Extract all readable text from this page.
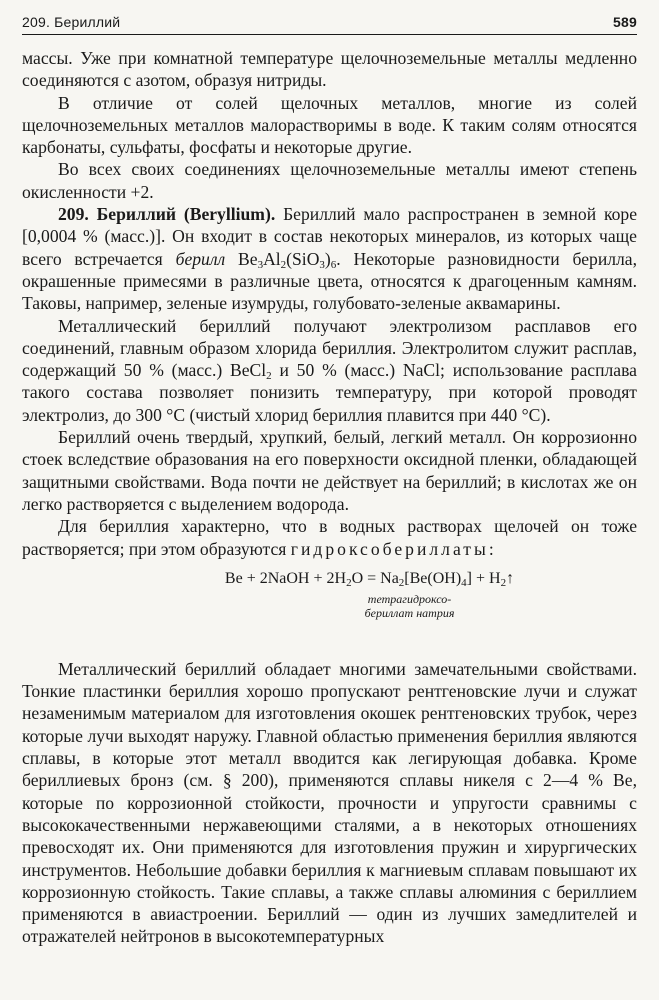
209. Бериллий	589

массы. Уже при комнатной температуре щелочноземельные металлы медленно соединяются с азотом, образуя нитриды.

В отличие от солей щелочных металлов, многие из солей щелочноземельных металлов малорастворимы в воде. К таким солям относятся карбонаты, сульфаты, фосфаты и некоторые другие.

Во всех своих соединениях щелочноземельные металлы имеют степень окисленности +2.

209. Бериллий (Beryllium). Бериллий мало распространен в земной коре [0,0004 % (масс.)]. Он входит в состав некоторых минералов, из которых чаще всего встречается берилл $Be_3Al_2(SiO_3)_6$. Некоторые разновидности берилла, окрашенные примесями в различные цвета, относятся к драгоценным камням. Таковы, например, зеленые изумруды, голубовато-зеленые аквамарины.

Металлический бериллий получают электролизом расплавов его соединений, главным образом хлорида бериллия. Электролитом служит расплав, содержащий 50 % (масс.) BeCl$_2$ и 50 % (масс.) NaCl; использование расплава такого состава позволяет понизить температуру, при которой проводят электролиз, до 300 °С (чистый хлорид бериллия плавится при 440 °С).

Бериллий очень твердый, хрупкий, белый, легкий металл. Он коррозионно стоек вследствие образования на его поверхности оксидной пленки, обладающей защитными свойствами. Вода почти не действует на бериллий; в кислотах же он легко растворяется с выделением водорода.

Для бериллия характерно, что в водных растворах щелочей он тоже растворяется; при этом образуются гидроксобериллаты:

Be + 2NaOH + $2H_2O = Na_2[Be(OH)_4]$ + $H_2↑$
тетрагидроксо-
бериллат натрия

Металлический бериллий обладает многими замечательными свойствами. Тонкие пластинки бериллия хорошо пропускают рентгеновские лучи и служат незаменимым материалом для изготовления окошек рентгеновских трубок, через которые лучи выходят наружу. Главной областью применения бериллия являются сплавы, в которые этот металл вводится как легирующая добавка. Кроме бериллиевых бронз (см. § 200), применяются сплавы никеля с 2—4 % Be, которые по коррозионной стойкости, прочности и упругости сравнимы с высококачественными нержавеющими сталями, а в некоторых отношениях превосходят их. Они применяются для изготовления пружин и хирургических инструментов. Небольшие добавки бериллия к магниевым сплавам повышают их коррозионную стойкость. Такие сплавы, а также сплавы алюминия с бериллием применяются в авиастроении. Бериллий — один из лучших замедлителей и отражателей нейтронов в высокотемпературных
